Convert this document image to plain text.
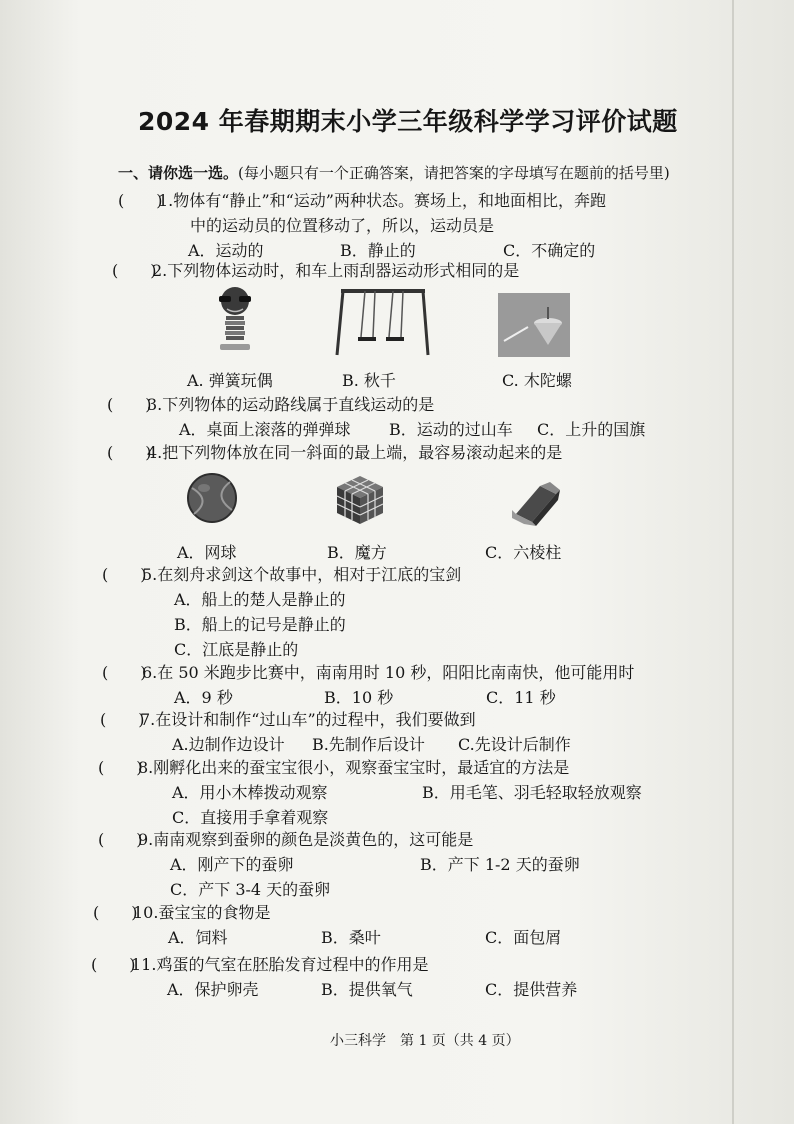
2024 年春期期末小学三年级科学学习评价试题
一、请你选一选。(每小题只有一个正确答案，请把答案的字母填写在题前的括号里)
(　　)1.物体有“静止”和“运动”两种状态。赛场上，和地面相比，奔跑
中的运动员的位置移动了，所以，运动员是
A．运动的	B．静止的	C．不确定的
(　　)2.下列物体运动时，和车上雨刮器运动形式相同的是
A. 弹簧玩偶	B. 秋千	C. 木陀螺
(　　)3.下列物体的运动路线属于直线运动的是
A．桌面上滚落的弹弹球 B．运动的过山车 C．上升的国旗
(　　)4.把下列物体放在同一斜面的最上端，最容易滚动起来的是
A．网球	B．魔方	C．六棱柱
(　　)5.在刻舟求剑这个故事中，相对于江底的宝剑
A．船上的楚人是静止的
B．船上的记号是静止的
C．江底是静止的
(　　)6.在 50 米跑步比赛中，南南用时 10 秒，阳阳比南南快，他可能用时
A．9 秒	B．10 秒	C．11 秒
(　　)7.在设计和制作“过山车”的过程中，我们要做到
A.边制作边设计 B.先制作后设计 C.先设计后制作
(　　)8.刚孵化出来的蚕宝宝很小，观察蚕宝宝时，最适宜的方法是
A．用小木棒拨动观察	B．用毛笔、羽毛轻取轻放观察
C．直接用手拿着观察
(　　)9.南南观察到蚕卵的颜色是淡黄色的，这可能是
A．刚产下的蚕卵	B．产下 1-2 天的蚕卵
C．产下 3-4 天的蚕卵
(　　)10.蚕宝宝的食物是
A．饲料	B．桑叶	C．面包屑
(　　)11.鸡蛋的气室在胚胎发育过程中的作用是
A．保护卵壳	B．提供氧气	C．提供营养
小三科学　第 1 页（共 4 页）
